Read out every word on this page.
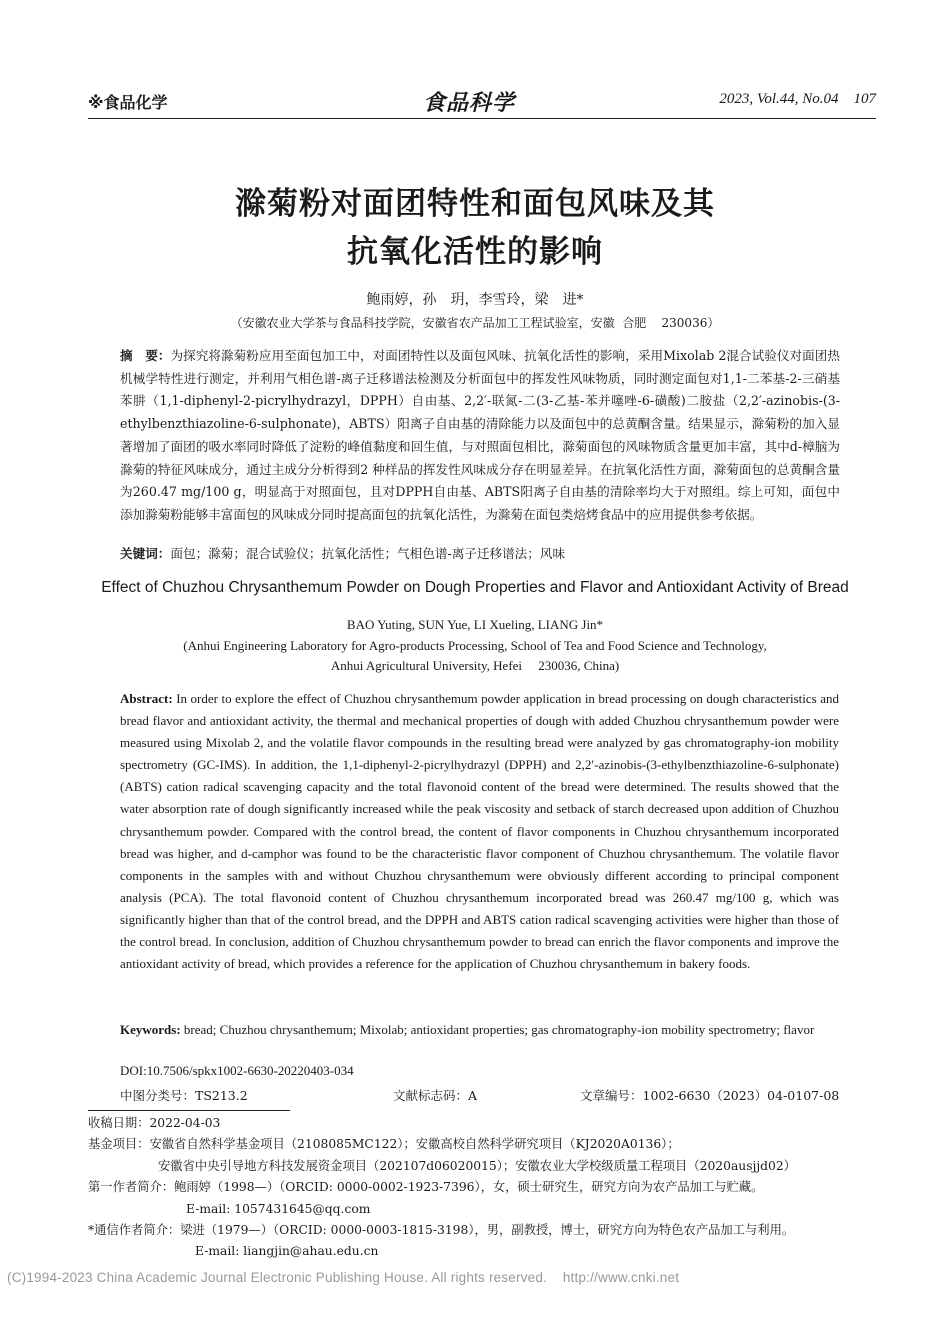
※食品化学	食品科学	2023, Vol.44, No.04    107
滁菊粉对面团特性和面包风味及其
抗氧化活性的影响
鲍雨婷，孙　玥，李雪玲，梁　进*
（安徽农业大学茶与食品科技学院，安徽省农产品加工工程试验室，安徽  合肥    230036）

摘　要：为探究将滁菊粉应用至面包加工中，对面团特性以及面包风味、抗氧化活性的影响，采用Mixolab 2混合试验仪对面团热机械学特性进行测定，并利用气相色谱-离子迁移谱法检测及分析面包中的挥发性风味物质，同时测定面包对1,1-二苯基-2-三硝基苯肼（1,1-diphenyl-2-picrylhydrazyl，DPPH）自由基、2,2′-联氮-二(3-乙基-苯并噻唑-6-磺酸)二胺盐（2,2′-azinobis-(3-ethylbenzthiazoline-6-sulphonate)，ABTS）阳离子自由基的清除能力以及面包中的总黄酮含量。结果显示，滁菊粉的加入显著增加了面团的吸水率同时降低了淀粉的峰值黏度和回生值，与对照面包相比，滁菊面包的风味物质含量更加丰富，其中d-樟脑为滁菊的特征风味成分，通过主成分分析得到2 种样品的挥发性风味成分存在明显差异。在抗氧化活性方面，滁菊面包的总黄酮含量为260.47 mg/100 g，明显高于对照面包，且对DPPH自由基、ABTS阳离子自由基的清除率均大于对照组。综上可知，面包中添加滁菊粉能够丰富面包的风味成分同时提高面包的抗氧化活性，为滁菊在面包类焙烤食品中的应用提供参考依据。

关键词：面包；滁菊；混合试验仪；抗氧化活性；气相色谱-离子迁移谱法；风味
Effect of Chuzhou Chrysanthemum Powder on Dough Properties and Flavor and Antioxidant Activity of Bread
BAO Yuting, SUN Yue, LI Xueling, LIANG Jin*
(Anhui Engineering Laboratory for Agro-products Processing, School of Tea and Food Science and Technology,
Anhui Agricultural University, Hefei     230036, China)
Abstract: In order to explore the effect of Chuzhou chrysanthemum powder application in bread processing on dough characteristics and bread flavor and antioxidant activity, the thermal and mechanical properties of dough with added Chuzhou chrysanthemum powder were measured using Mixolab 2, and the volatile flavor compounds in the resulting bread were analyzed by gas chromatography-ion mobility spectrometry (GC-IMS). In addition, the 1,1-diphenyl-2-picrylhydrazyl (DPPH) and 2,2′-azinobis-(3-ethylbenzthiazoline-6-sulphonate) (ABTS) cation radical scavenging capacity and the total flavonoid content of the bread were determined. The results showed that the water absorption rate of dough significantly increased while the peak viscosity and setback of starch decreased upon addition of Chuzhou chrysanthemum powder. Compared with the control bread, the content of flavor components in Chuzhou chrysanthemum incorporated bread was higher, and d-camphor was found to be the characteristic flavor component of Chuzhou chrysanthemum. The volatile flavor components in the samples with and without Chuzhou chrysanthemum were obviously different according to principal component analysis (PCA). The total flavonoid content of Chuzhou chrysanthemum incorporated bread was 260.47 mg/100 g, which was significantly higher than that of the control bread, and the DPPH and ABTS cation radical scavenging activities were higher than those of the control bread. In conclusion, addition of Chuzhou chrysanthemum powder to bread can enrich the flavor components and improve the antioxidant activity of bread, which provides a reference for the application of Chuzhou chrysanthemum in bakery foods.
Keywords: bread; Chuzhou chrysanthemum; Mixolab; antioxidant properties; gas chromatography-ion mobility spectrometry; flavor
DOI:10.7506/spkx1002-6630-20220403-034
中图分类号：TS213.2	文献标志码：A	文章编号：1002-6630（2023）04-0107-08
收稿日期：2022-04-03
基金项目：安徽省自然科学基金项目（2108085MC122）；安徽高校自然科学研究项目（KJ2020A0136）；
安徽省中央引导地方科技发展资金项目（202107d06020015）；安徽农业大学校级质量工程项目（2020ausjjd02）
第一作者简介：鲍雨婷（1998—）（ORCID: 0000-0002-1923-7396），女，硕士研究生，研究方向为农产品加工与贮藏。
E-mail: 1057431645@qq.com
*通信作者简介：梁进（1979—）（ORCID: 0000-0003-1815-3198），男，副教授，博士，研究方向为特色农产品加工与利用。
E-mail: liangjin@ahau.edu.cn
(C)1994-2023 China Academic Journal Electronic Publishing House. All rights reserved.    http://www.cnki.net
